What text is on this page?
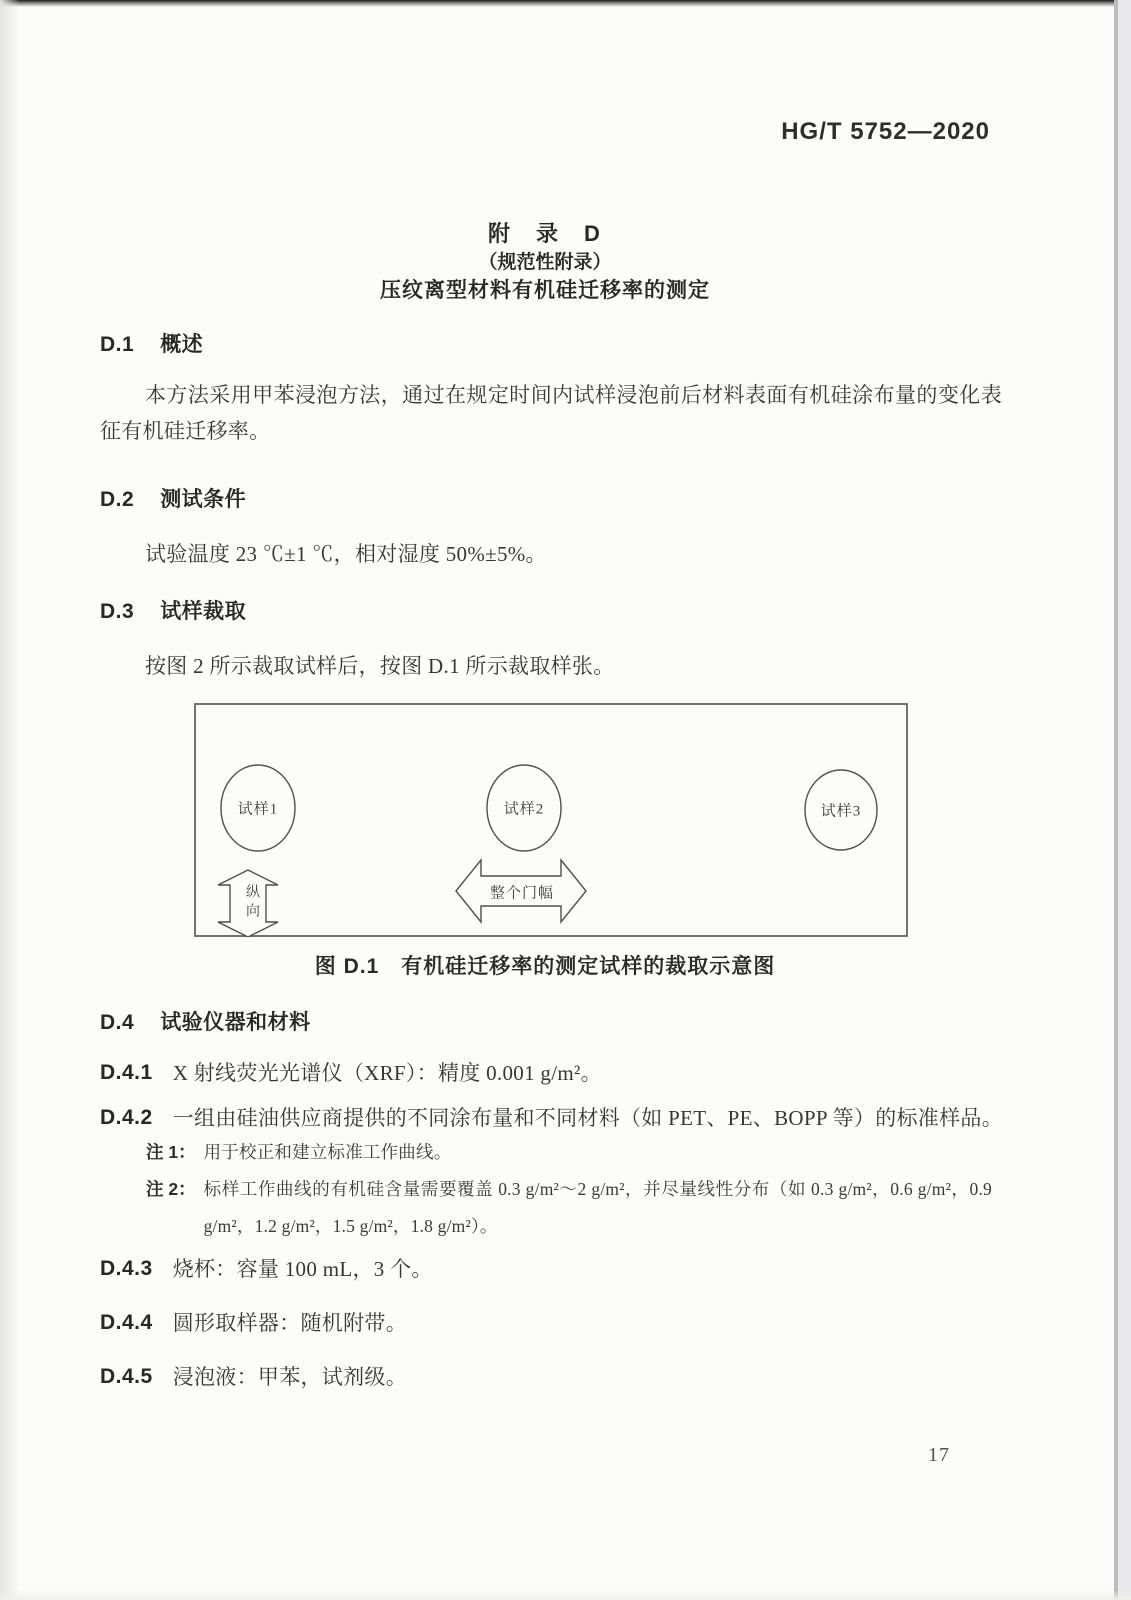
HG/T 5752—2020
附　录　D
（规范性附录）
压纹离型材料有机硅迁移率的测定
D.1 概述
本方法采用甲苯浸泡方法，通过在规定时间内试样浸泡前后材料表面有机硅涂布量的变化表征有机硅迁移率。
D.2 测试条件
试验温度 23 ℃±1 ℃，相对湿度 50%±5%。
D.3 试样裁取
按图 2 所示裁取试样后，按图 D.1 所示裁取样张。
试样1	试样2	试样3
纵向	整个门幅
图 D.1　有机硅迁移率的测定试样的裁取示意图
D.4 试验仪器和材料
D.4.1 X 射线荧光光谱仪（XRF）：精度 0.001 g/m²。
D.4.2 一组由硅油供应商提供的不同涂布量和不同材料（如 PET、PE、BOPP 等）的标准样品。
注 1： 用于校正和建立标准工作曲线。
注 2： 标样工作曲线的有机硅含量需要覆盖 0.3 g/m²～2 g/m²，并尽量线性分布（如 0.3 g/m²，0.6 g/m²，0.9 g/m²，1.2 g/m²，1.5 g/m²，1.8 g/m²）。
D.4.3 烧杯：容量 100 mL，3 个。
D.4.4 圆形取样器：随机附带。
D.4.5 浸泡液：甲苯，试剂级。
17
